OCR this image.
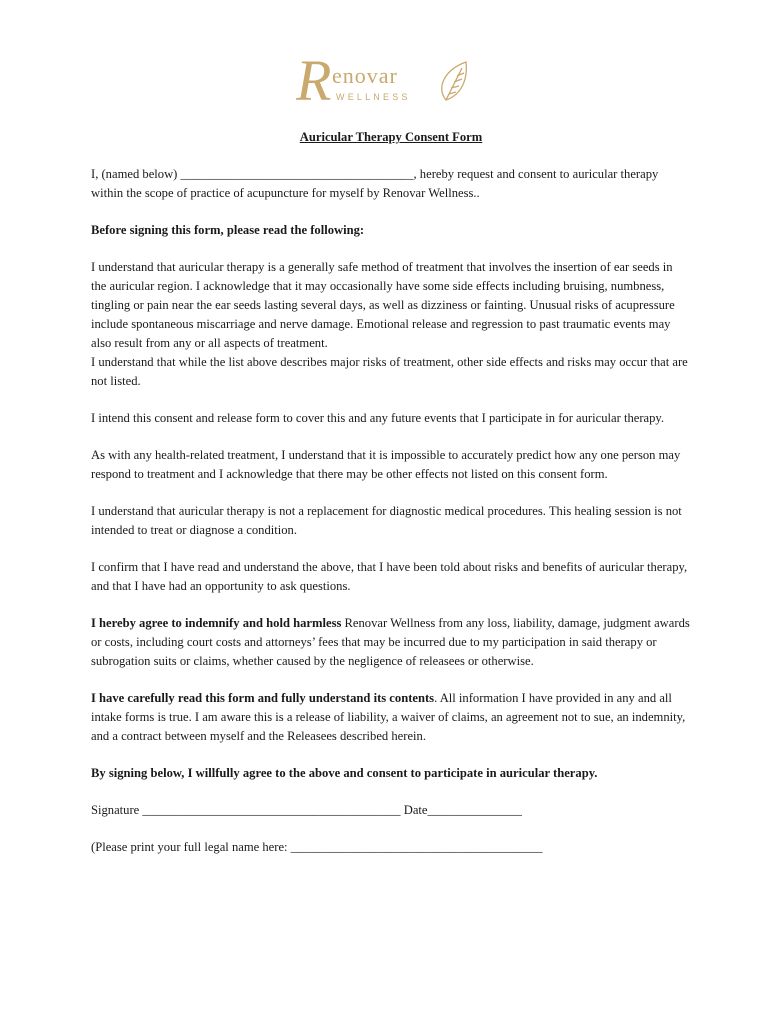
R enovar
WELLNESS
Auricular Therapy Consent Form

I, (named below) _____________________________________, hereby request and consent to auricular therapy within the scope of practice of acupuncture for myself by Renovar Wellness..

Before signing this form, please read the following:

I understand that auricular therapy is a generally safe method of treatment that involves the insertion of ear seeds in the auricular region. I acknowledge that it may occasionally have some side effects including bruising, numbness, tingling or pain near the ear seeds lasting several days, as well as dizziness or fainting. Unusual risks of acupressure include spontaneous miscarriage and nerve damage. Emotional release and regression to past traumatic events may also result from any or all aspects of treatment.
I understand that while the list above describes major risks of treatment, other side effects and risks may occur that are not listed.

I intend this consent and release form to cover this and any future events that I participate in for auricular therapy.

As with any health-related treatment, I understand that it is impossible to accurately predict how any one person may respond to treatment and I acknowledge that there may be other effects not listed on this consent form.

I understand that auricular therapy is not a replacement for diagnostic medical procedures. This healing session is not intended to treat or diagnose a condition.

I confirm that I have read and understand the above, that I have been told about risks and benefits of auricular therapy, and that I have had an opportunity to ask questions.

I hereby agree to indemnify and hold harmless Renovar Wellness from any loss, liability, damage, judgment awards or costs, including court costs and attorneys’ fees that may be incurred due to my participation in said therapy or subrogation suits or claims, whether caused by the negligence of releasees or otherwise.

I have carefully read this form and fully understand its contents. All information I have provided in any and all intake forms is true. I am aware this is a release of liability, a waiver of claims, an agreement not to sue, an indemnity, and a contract between myself and the Releasees described herein.

By signing below, I willfully agree to the above and consent to participate in auricular therapy.

Signature _________________________________________ Date_______________

(Please print your full legal name here: ________________________________________
